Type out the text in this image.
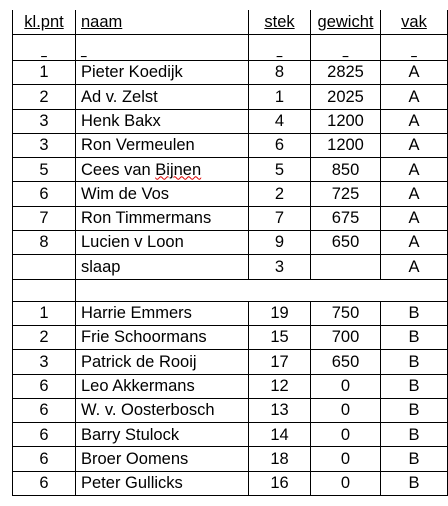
kl.pnt	naam	stek	gewicht	vak
_	_	_	_	_
1	Pieter Koedijk	8	2825	A
2	Ad v. Zelst	1	2025	A
3	Henk Bakx	4	1200	A
3	Ron Vermeulen	6	1200	A
5	Cees van Bijnen	5	850	A
6	Wim de Vos	2	725	A
7	Ron Timmermans	7	675	A
8	Lucien v Loon	9	650	A
	slaap	3		A

1	Harrie Emmers	19	750	B
2	Frie Schoormans	15	700	B
3	Patrick de Rooij	17	650	B
6	Leo Akkermans	12	0	B
6	W. v. Oosterbosch	13	0	B
6	Barry Stulock	14	0	B
6	Broer Oomens	18	0	B
6	Peter Gullicks	16	0	B
